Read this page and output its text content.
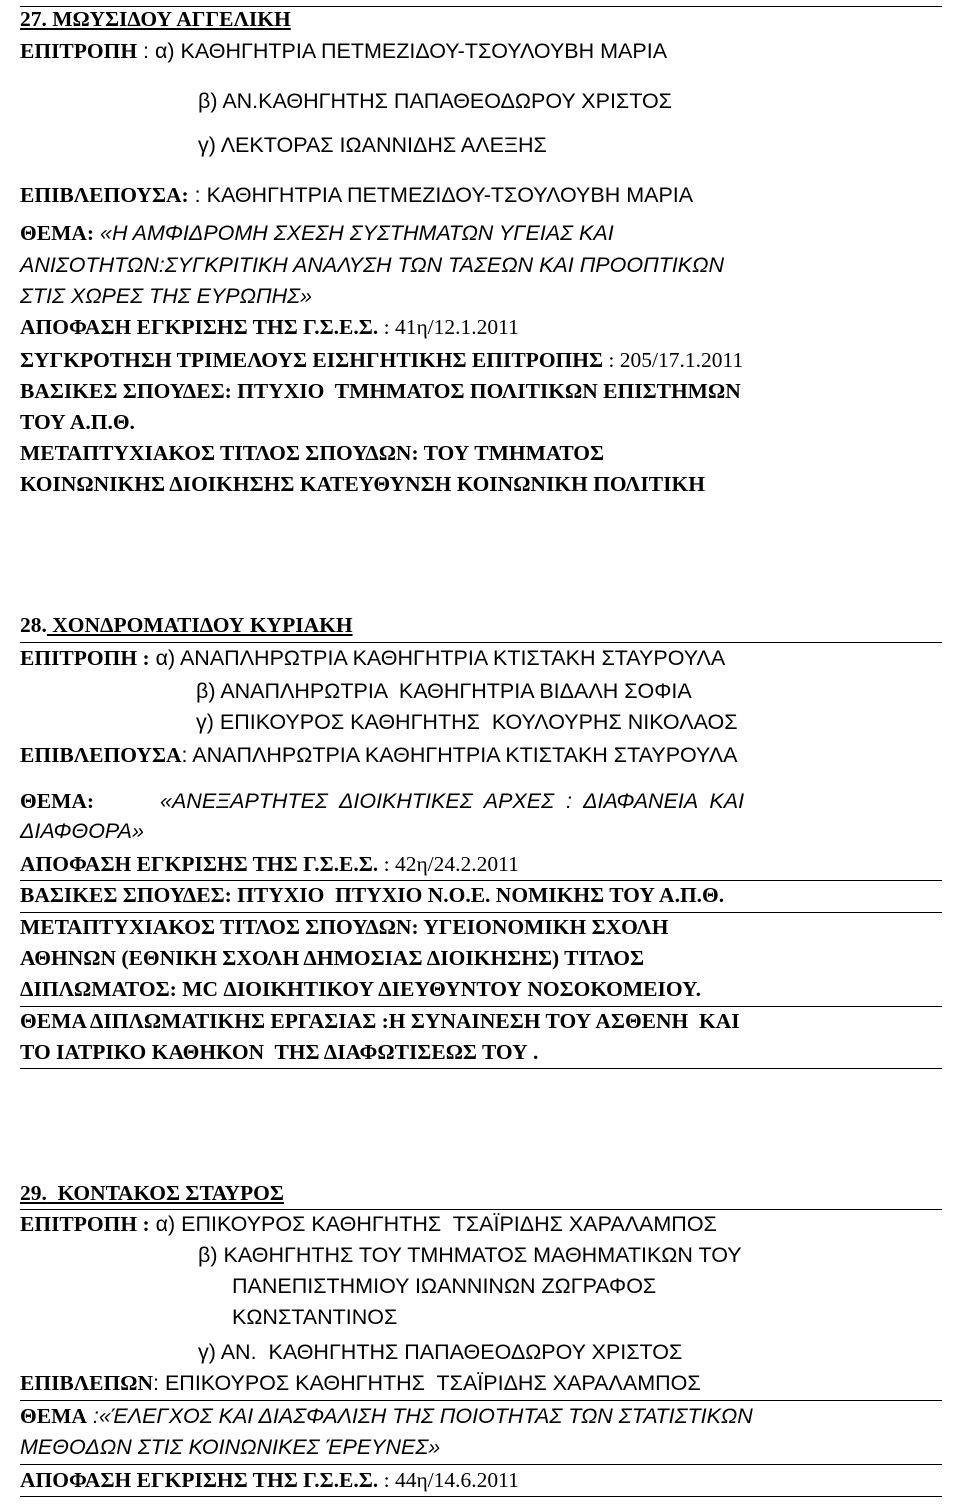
27. ΜΩΥΣΙΔΟΥ ΑΓΓΕΛΙΚΗ
ΕΠΙΤΡΟΠΗ : α) ΚΑΘΗΓΗΤΡΙΑ ΠΕΤΜΕΖΙΔΟΥ-ΤΣΟΥΛΟΥΒΗ ΜΑΡΙΑ
β) ΑΝ.ΚΑΘΗΓΗΤΗΣ ΠΑΠΑΘΕΟΔΩΡΟΥ ΧΡΙΣΤΟΣ
γ) ΛΕΚΤΟΡΑΣ ΙΩΑΝΝΙΔΗΣ ΑΛΕΞΗΣ
ΕΠΙΒΛΕΠΟΥΣΑ: : ΚΑΘΗΓΗΤΡΙΑ ΠΕΤΜΕΖΙΔΟΥ-ΤΣΟΥΛΟΥΒΗ ΜΑΡΙΑ
ΘΕΜΑ: «Η ΑΜΦΙΔΡΟΜΗ ΣΧΕΣΗ ΣΥΣΤΗΜΑΤΩΝ ΥΓΕΙΑΣ ΚΑΙ
ΑΝΙΣΟΤΗΤΩΝ:ΣΥΓΚΡΙΤΙΚΗ ΑΝΑΛΥΣΗ ΤΩΝ ΤΑΣΕΩΝ ΚΑΙ ΠΡΟΟΠΤΙΚΩΝ
ΣΤΙΣ ΧΩΡΕΣ ΤΗΣ ΕΥΡΩΠΗΣ»
ΑΠΟΦΑΣΗ ΕΓΚΡΙΣΗΣ ΤΗΣ Γ.Σ.Ε.Σ. : 41η/12.1.2011
ΣΥΓΚΡΟΤΗΣΗ ΤΡΙΜΕΛΟΥΣ ΕΙΣΗΓΗΤΙΚΗΣ ΕΠΙΤΡΟΠΗΣ : 205/17.1.2011
ΒΑΣΙΚΕΣ ΣΠΟΥΔΕΣ: ΠΤΥΧΙΟ  ΤΜΗΜΑΤΟΣ ΠΟΛΙΤΙΚΩΝ ΕΠΙΣΤΗΜΩΝ
ΤΟΥ Α.Π.Θ.
ΜΕΤΑΠΤΥΧΙΑΚΟΣ ΤΙΤΛΟΣ ΣΠΟΥΔΩΝ: ΤΟΥ ΤΜΗΜΑΤΟΣ
ΚΟΙΝΩΝΙΚΗΣ ΔΙΟΙΚΗΣΗΣ ΚΑΤΕΥΘΥΝΣΗ ΚΟΙΝΩΝΙΚΗ ΠΟΛΙΤΙΚΗ
28. ΧΟΝΔΡΟΜΑΤΙΔΟΥ ΚΥΡΙΑΚΗ
ΕΠΙΤΡΟΠΗ : α) ΑΝΑΠΛΗΡΩΤΡΙΑ ΚΑΘΗΓΗΤΡΙΑ ΚΤΙΣΤΑΚΗ ΣΤΑΥΡΟΥΛΑ
β) ΑΝΑΠΛΗΡΩΤΡΙΑ  ΚΑΘΗΓΗΤΡΙΑ ΒΙΔΑΛΗ ΣΟΦΙΑ
γ) ΕΠΙΚΟΥΡΟΣ ΚΑΘΗΓΗΤΗΣ  ΚΟΥΛΟΥΡΗΣ ΝΙΚΟΛΑΟΣ
ΕΠΙΒΛΕΠΟΥΣΑ: ΑΝΑΠΛΗΡΩΤΡΙΑ ΚΑΘΗΓΗΤΡΙΑ ΚΤΙΣΤΑΚΗ ΣΤΑΥΡΟΥΛΑ
ΘΕΜΑ:	«ΑΝΕΞΑΡΤΗΤΕΣ  ΔΙΟΙΚΗΤΙΚΕΣ  ΑΡΧΕΣ  :  ΔΙΑΦΑΝΕΙΑ  ΚΑΙ
ΔΙΑΦΘΟΡΑ»
ΑΠΟΦΑΣΗ ΕΓΚΡΙΣΗΣ ΤΗΣ Γ.Σ.Ε.Σ. : 42η/24.2.2011
ΒΑΣΙΚΕΣ ΣΠΟΥΔΕΣ: ΠΤΥΧΙΟ  ΠΤΥΧΙΟ Ν.Ο.Ε. ΝΟΜΙΚΗΣ ΤΟΥ Α.Π.Θ.
ΜΕΤΑΠΤΥΧΙΑΚΟΣ ΤΙΤΛΟΣ ΣΠΟΥΔΩΝ: ΥΓΕΙΟΝΟΜΙΚΗ ΣΧΟΛΗ
ΑΘΗΝΩΝ (ΕΘΝΙΚΗ ΣΧΟΛΗ ΔΗΜΟΣΙΑΣ ΔΙΟΙΚΗΣΗΣ) ΤΙΤΛΟΣ
ΔΙΠΛΩΜΑΤΟΣ: MC ΔΙΟΙΚΗΤΙΚΟΥ ΔΙΕΥΘΥΝΤΟΥ ΝΟΣΟΚΟΜΕΙΟΥ.
ΘΕΜΑ ΔΙΠΛΩΜΑΤΙΚΗΣ ΕΡΓΑΣΙΑΣ :Η ΣΥΝΑΙΝΕΣΗ ΤΟΥ ΑΣΘΕΝΗ  ΚΑΙ
ΤΟ ΙΑΤΡΙΚΟ ΚΑΘΗΚΟΝ  ΤΗΣ ΔΙΑΦΩΤΙΣΕΩΣ ΤΟΥ .
29.  ΚΟΝΤΑΚΟΣ ΣΤΑΥΡΟΣ
ΕΠΙΤΡΟΠΗ : α) ΕΠΙΚΟΥΡΟΣ ΚΑΘΗΓΗΤΗΣ  ΤΣΑΪΡΙΔΗΣ ΧΑΡΑΛΑΜΠΟΣ
β) ΚΑΘΗΓΗΤΗΣ ΤΟΥ ΤΜΗΜΑΤΟΣ ΜΑΘΗΜΑΤΙΚΩΝ ΤΟΥ
ΠΑΝΕΠΙΣΤΗΜΙΟΥ ΙΩΑΝΝΙΝΩΝ ΖΩΓΡΑΦΟΣ
ΚΩΝΣΤΑΝΤΙΝΟΣ
γ) ΑΝ.  ΚΑΘΗΓΗΤΗΣ ΠΑΠΑΘΕΟΔΩΡΟΥ ΧΡΙΣΤΟΣ
ΕΠΙΒΛΕΠΩΝ: ΕΠΙΚΟΥΡΟΣ ΚΑΘΗΓΗΤΗΣ  ΤΣΑΪΡΙΔΗΣ ΧΑΡΑΛΑΜΠΟΣ
ΘΕΜΑ :«ΈΛΕΓΧΟΣ ΚΑΙ ΔΙΑΣΦΑΛΙΣΗ ΤΗΣ ΠΟΙΟΤΗΤΑΣ ΤΩΝ ΣΤΑΤΙΣΤΙΚΩΝ
ΜΕΘΟΔΩΝ ΣΤΙΣ ΚΟΙΝΩΝΙΚΕΣ ΈΡΕΥΝΕΣ»
ΑΠΟΦΑΣΗ ΕΓΚΡΙΣΗΣ ΤΗΣ Γ.Σ.Ε.Σ. : 44η/14.6.2011
